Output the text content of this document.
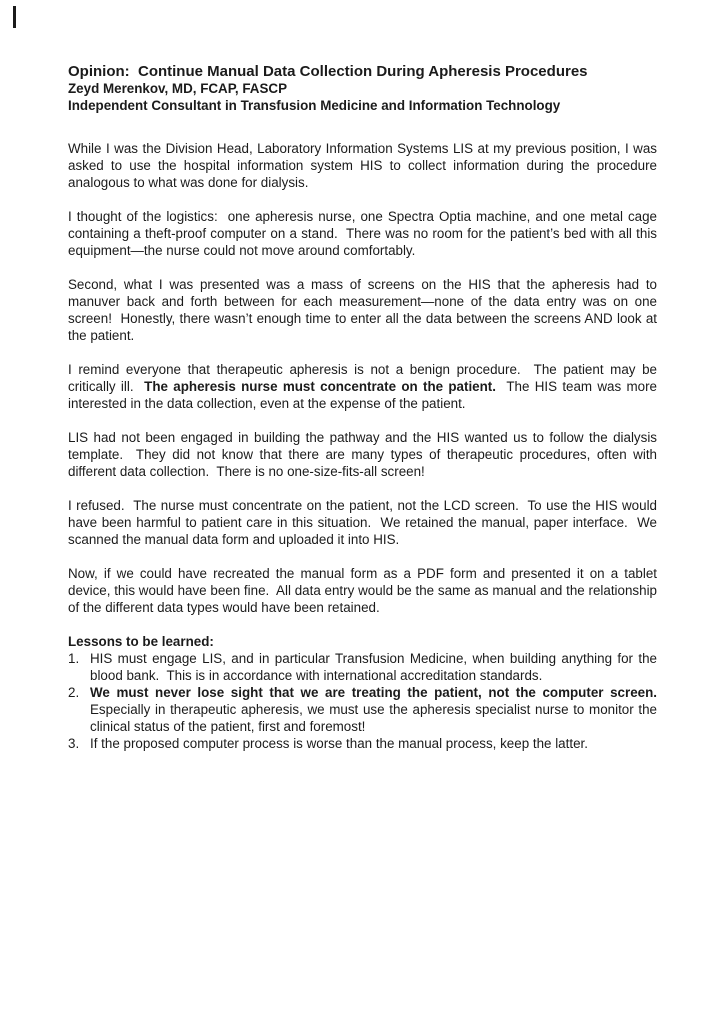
Opinion:  Continue Manual Data Collection During Apheresis Procedures
Zeyd Merenkov, MD, FCAP, FASCP
Independent Consultant in Transfusion Medicine and Information Technology

While I was the Division Head, Laboratory Information Systems LIS at my previous position, I was asked to use the hospital information system HIS to collect information during the procedure analogous to what was done for dialysis.

I thought of the logistics:  one apheresis nurse, one Spectra Optia machine, and one metal cage containing a theft-proof computer on a stand.  There was no room for the patient’s bed with all this equipment—the nurse could not move around comfortably.

Second, what I was presented was a mass of screens on the HIS that the apheresis had to manuver back and forth between for each measurement—none of the data entry was on one screen!  Honestly, there wasn’t enough time to enter all the data between the screens AND look at the patient.

I remind everyone that therapeutic apheresis is not a benign procedure.  The patient may be critically ill.  The apheresis nurse must concentrate on the patient.  The HIS team was more interested in the data collection, even at the expense of the patient.

LIS had not been engaged in building the pathway and the HIS wanted us to follow the dialysis template.  They did not know that there are many types of therapeutic procedures, often with different data collection.  There is no one-size-fits-all screen!

I refused.  The nurse must concentrate on the patient, not the LCD screen.  To use the HIS would have been harmful to patient care in this situation.  We retained the manual, paper interface.  We scanned the manual data form and uploaded it into HIS.

Now, if we could have recreated the manual form as a PDF form and presented it on a tablet device, this would have been fine.  All data entry would be the same as manual and the relationship of the different data types would have been retained.

Lessons to be learned:
1. HIS must engage LIS, and in particular Transfusion Medicine, when building anything for the blood bank.  This is in accordance with international accreditation standards.
2. We must never lose sight that we are treating the patient, not the computer screen. Especially in therapeutic apheresis, we must use the apheresis specialist nurse to monitor the clinical status of the patient, first and foremost!
3. If the proposed computer process is worse than the manual process, keep the latter.
